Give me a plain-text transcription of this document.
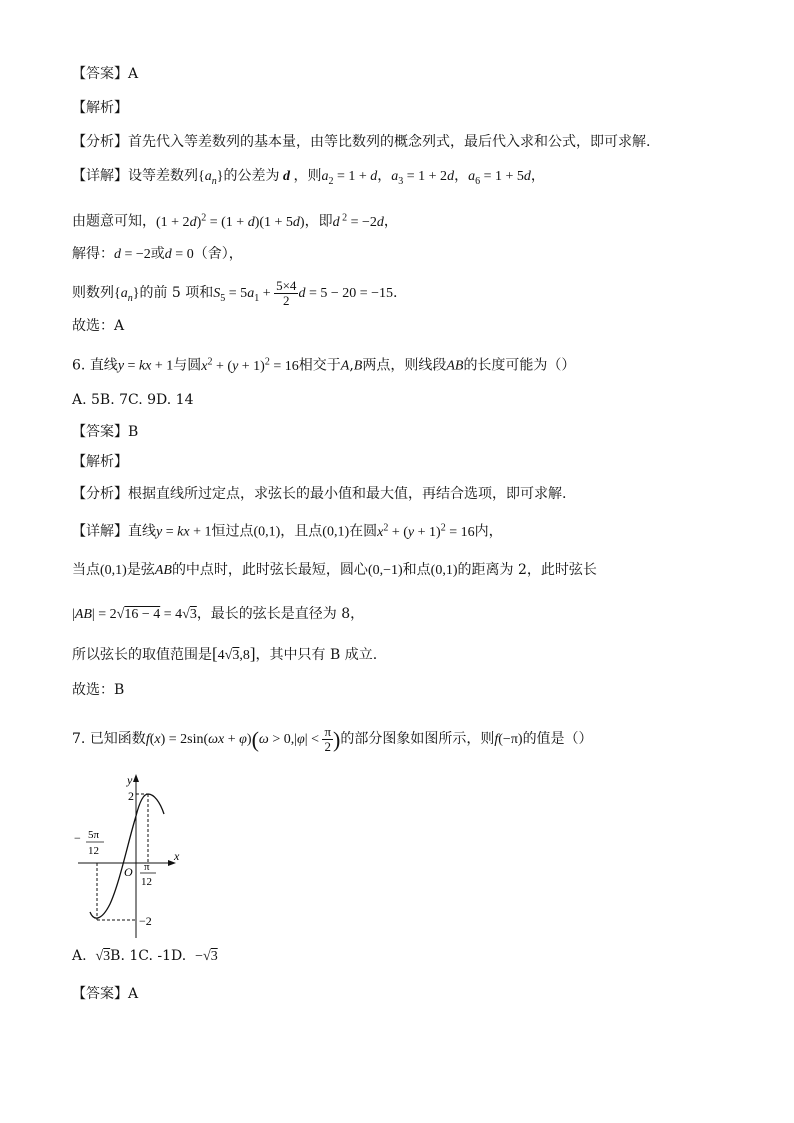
【答案】A
【解析】
【分析】首先代入等差数列的基本量，由等比数列的概念列式，最后代入求和公式，即可求解.
【详解】设等差数列$\{a_n\}$的公差为 d ，则$a_2 = 1 + d$，$a_3 = 1 + 2d$，$a_6 = 1 + 5d$，
由题意可知，$(1 + 2d)^2 = (1 + d)(1 + 5d)$，即d $^2$ = −2d，
解得：d = −2或d = 0（舍），
则数列$\{a_n\}$的前 5 项和$S_5 = 5a_1 + \frac{5\times 4}{2}$ d = 5 − 20 = −15.
故选：A
6. 直线y = kx + 1与圆$x^2 + (y + 1)^2 = 16$相交于A,B两点，则线段AB的长度可能为（）
A. 5B. 7C. 9D. 14
【答案】B
【解析】
【分析】根据直线所过定点，求弦长的最小值和最大值，再结合选项，即可求解.
【详解】直线y = kx + 1恒过点(0,1)，且点(0,1)在圆$x^2 + (y + 1)^2 = 16$内，
当点(0,1)是弦AB的中点时，此时弦长最短，圆心(0,−1)和点(0,1)的距离为 2，此时弦长
|AB| = 2√16 − 4 = 4√3，最长的弦长是直径为 8，
所以弦长的取值范围是[4√3,8]，其中只有 B 成立.
故选：B
7. 已知函数$f(x) = 2\sin(\omega x + \varphi)(\omega > 0,|\varphi| < \frac{\pi}{2}$ )的部分图象如图所示，则f(−π)的值是（）
y
x
O
2
−2
− 5π
12
π
12
A. √3B. 1C. -1D. −√3
【答案】A
